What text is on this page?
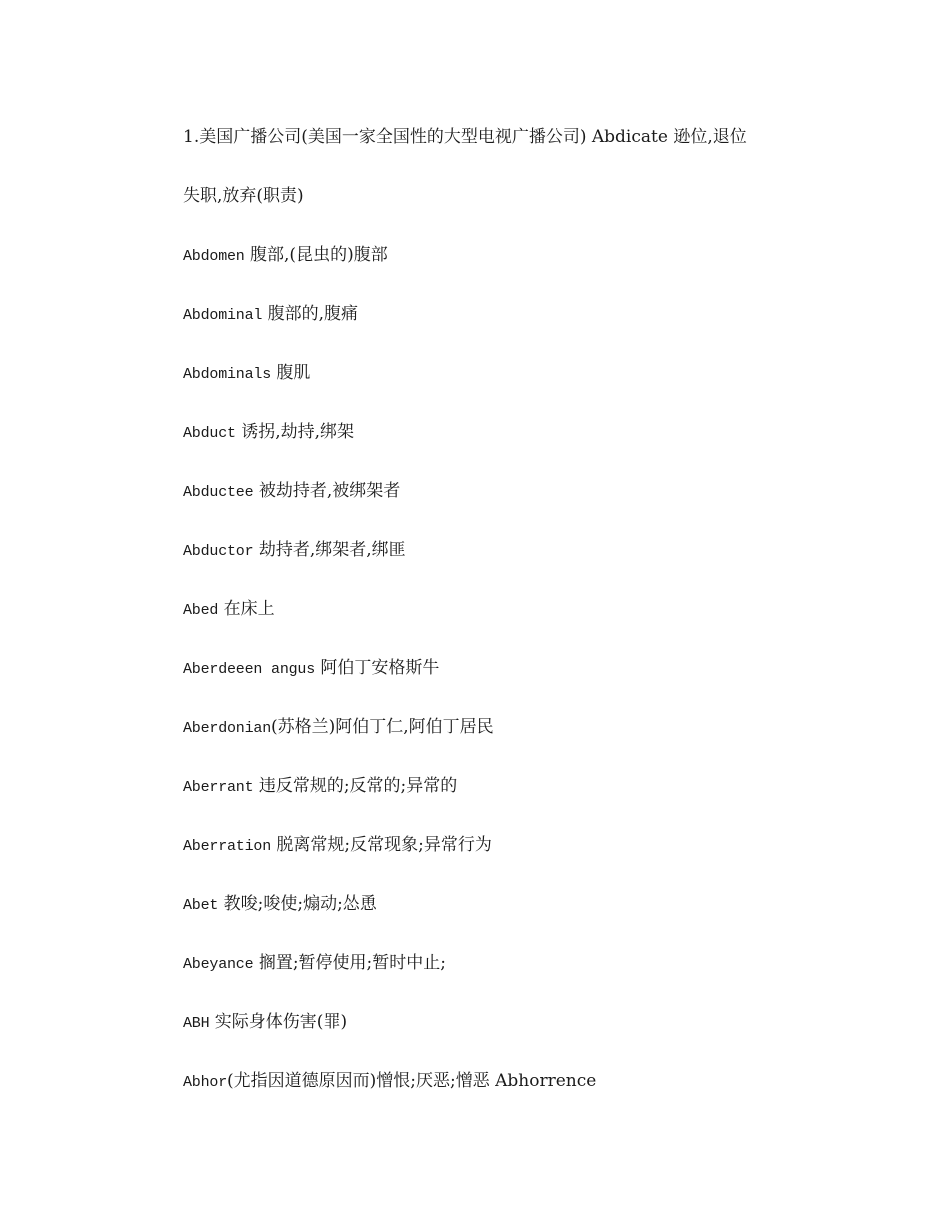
1.美国广播公司(美国一家全国性的大型电视广播公司) Abdicate 逊位,退位
失职,放弃(职责)
Abdomen 腹部,(昆虫的)腹部
Abdominal 腹部的,腹痛
Abdominals 腹肌
Abduct 诱拐,劫持,绑架
Abductee 被劫持者,被绑架者
Abductor 劫持者,绑架者,绑匪
Abed 在床上
Aberdeeen angus 阿伯丁安格斯牛
Aberdonian(苏格兰)阿伯丁仁,阿伯丁居民
Aberrant 违反常规的;反常的;异常的
Aberration 脱离常规;反常现象;异常行为
Abet 教唆;唆使;煽动;怂恿
Abeyance 搁置;暂停使用;暂时中止;
ABH 实际身体伤害(罪)
Abhor(尤指因道德原因而)憎恨;厌恶;憎恶 Abhorrence
